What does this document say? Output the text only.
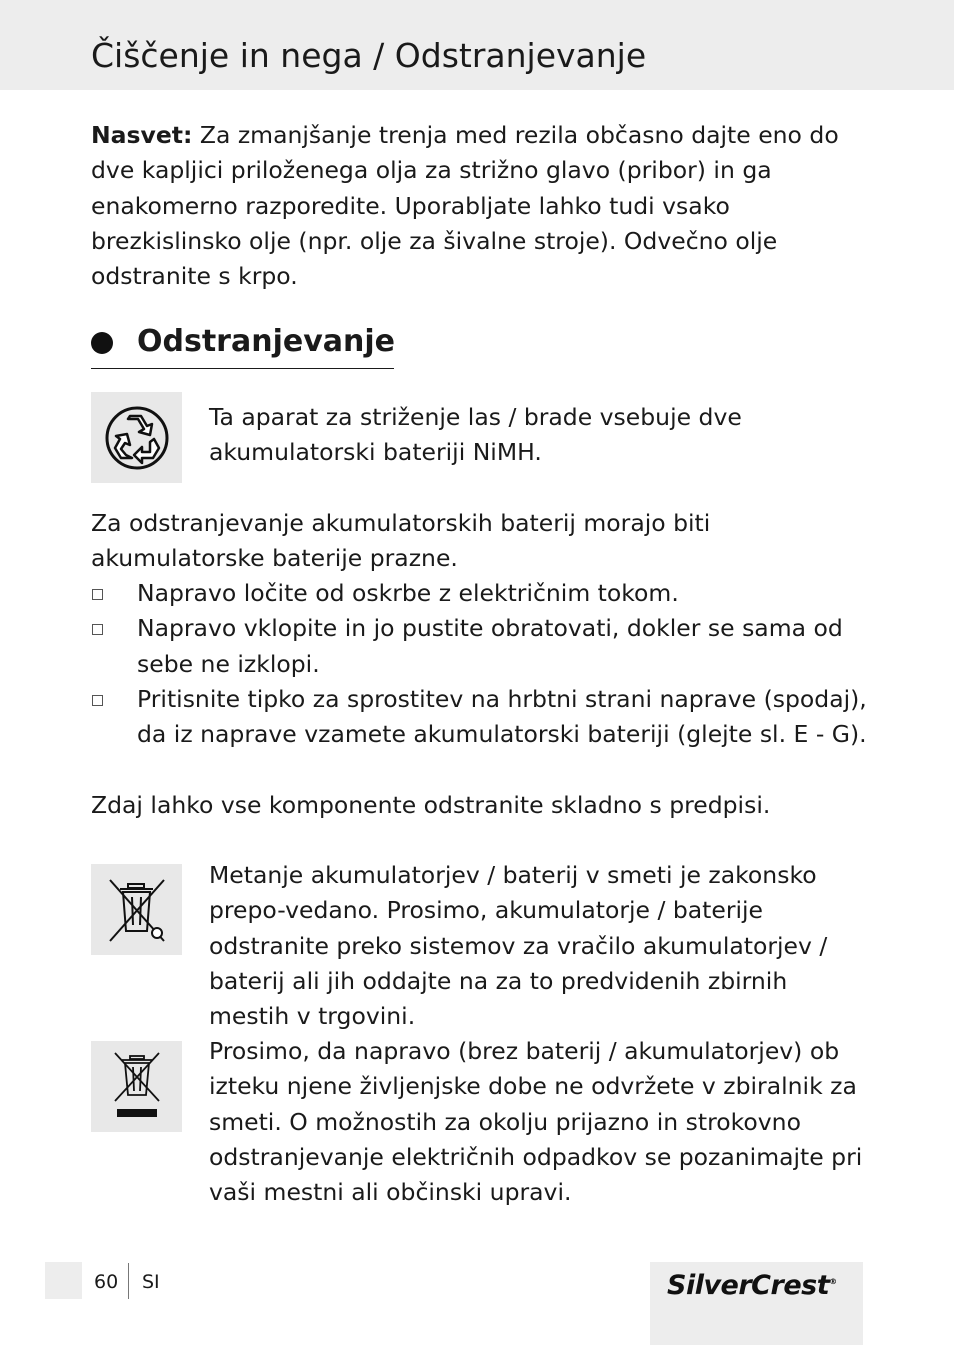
Čiščenje in nega / Odstranjevanje

Nasvet: Za zmanjšanje trenja med rezila občasno dajte eno do dve kapljici priloženega olja za strižno glavo (pribor) in ga enakomerno razporedite. Uporabljate lahko tudi vsako brezkislinsko olje (npr. olje za šivalne stroje). Odvečno olje odstranite s krpo.

Odstranjevanje

Ta aparat za striženje las / brade vsebuje dve akumulatorski bateriji NiMH.

Za odstranjevanje akumulatorskih baterij morajo biti akumulatorske baterije prazne.

Napravo ločite od oskrbe z električnim tokom.
Napravo vklopite in jo pustite obratovati, dokler se sama od sebe ne izklopi.
Pritisnite tipko za sprostitev na hrbtni strani naprave (spodaj), da iz naprave vzamete akumulatorski bateriji (glejte sl. E - G).

Zdaj lahko vse komponente odstranite skladno s predpisi.

Metanje akumulatorjev / baterij v smeti je zakonsko prepo-vedano. Prosimo, akumulatorje / baterije odstranite preko sistemov za vračilo akumulatorjev / baterij ali jih oddajte na za to predvidenih zbirnih mestih v trgovini.

Prosimo, da napravo (brez baterij / akumulatorjev) ob izteku njene življenjske dobe ne odvržete v zbiralnik za smeti. O možnostih za okolju prijazno in strokovno odstranjevanje električnih odpadkov se pozanimajte pri vaši mestni ali občinski upravi.

60 SI	SilverCrest®
